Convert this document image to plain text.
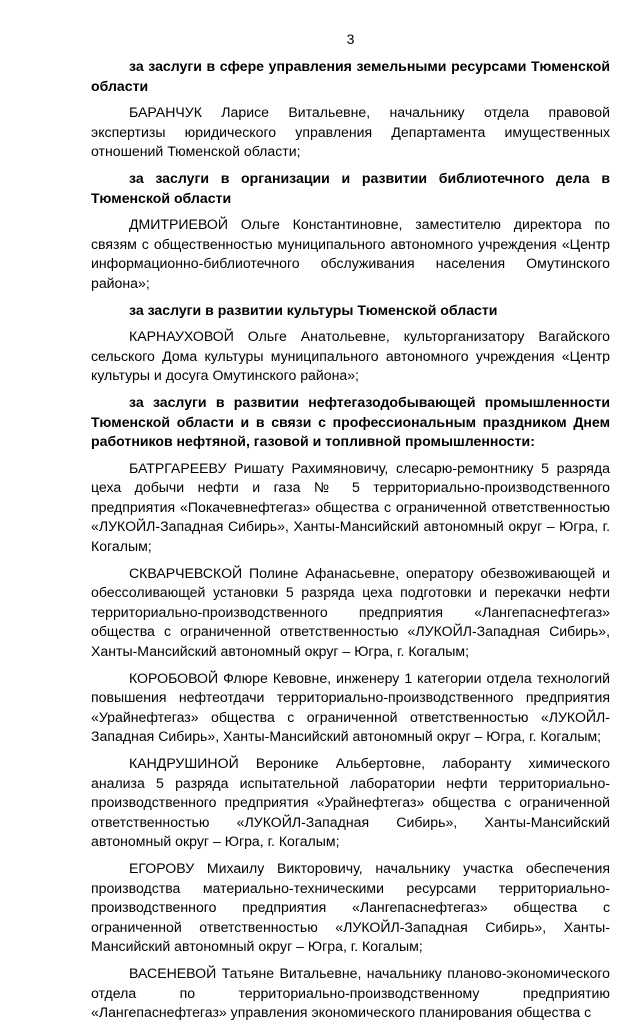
3

за заслуги в сфере управления земельными ресурсами Тюменской области

БАРАНЧУК Ларисе Витальевне, начальнику отдела правовой экспертизы юридического управления Департамента имущественных отношений Тюменской области;

за заслуги в организации и развитии библиотечного дела в Тюменской области

ДМИТРИЕВОЙ Ольге Константиновне, заместителю директора по связям с общественностью муниципального автономного учреждения «Центр информационно-библиотечного обслуживания населения Омутинского района»;

за заслуги в развитии культуры Тюменской области

КАРНАУХОВОЙ Ольге Анатольевне, культорганизатору Вагайского сельского Дома культуры муниципального автономного учреждения «Центр культуры и досуга Омутинского района»;

за заслуги в развитии нефтегазодобывающей промышленности Тюменской области и в связи с профессиональным праздником Днем работников нефтяной, газовой и топливной промышленности:

БАТРГАРЕЕВУ Ришату Рахимяновичу, слесарю-ремонтнику 5 разряда цеха добычи нефти и газа № 5 территориально-производственного предприятия «Покачевнефтегаз» общества с ограниченной ответственностью «ЛУКОЙЛ-Западная Сибирь», Ханты-Мансийский автономный округ – Югра, г. Когалым;

СКВАРЧЕВСКОЙ Полине Афанасьевне, оператору обезвоживающей и обессоливающей установки 5 разряда цеха подготовки и перекачки нефти территориально-производственного предприятия «Лангепаснефтегаз» общества с ограниченной ответственностью «ЛУКОЙЛ-Западная Сибирь», Ханты-Мансийский автономный округ – Югра, г. Когалым;

КОРОБОВОЙ Флюре Кевовне, инженеру 1 категории отдела технологий повышения нефтеотдачи территориально-производственного предприятия «Урайнефтегаз» общества с ограниченной ответственностью «ЛУКОЙЛ-Западная Сибирь», Ханты-Мансийский автономный округ – Югра, г. Когалым;

КАНДРУШИНОЙ Веронике Альбертовне, лаборанту химического анализа 5 разряда испытательной лаборатории нефти территориально-производственного предприятия «Урайнефтегаз» общества с ограниченной ответственностью «ЛУКОЙЛ-Западная Сибирь», Ханты-Мансийский автономный округ – Югра, г. Когалым;

ЕГОРОВУ Михаилу Викторовичу, начальнику участка обеспечения производства материально-техническими ресурсами территориально-производственного предприятия «Лангепаснефтегаз» общества с ограниченной ответственностью «ЛУКОЙЛ-Западная Сибирь», Ханты-Мансийский автономный округ – Югра, г. Когалым;

ВАСЕНЕВОЙ Татьяне Витальевне, начальнику планово-экономического отдела по территориально-производственному предприятию «Лангепаснефтегаз» управления экономического планирования общества с
